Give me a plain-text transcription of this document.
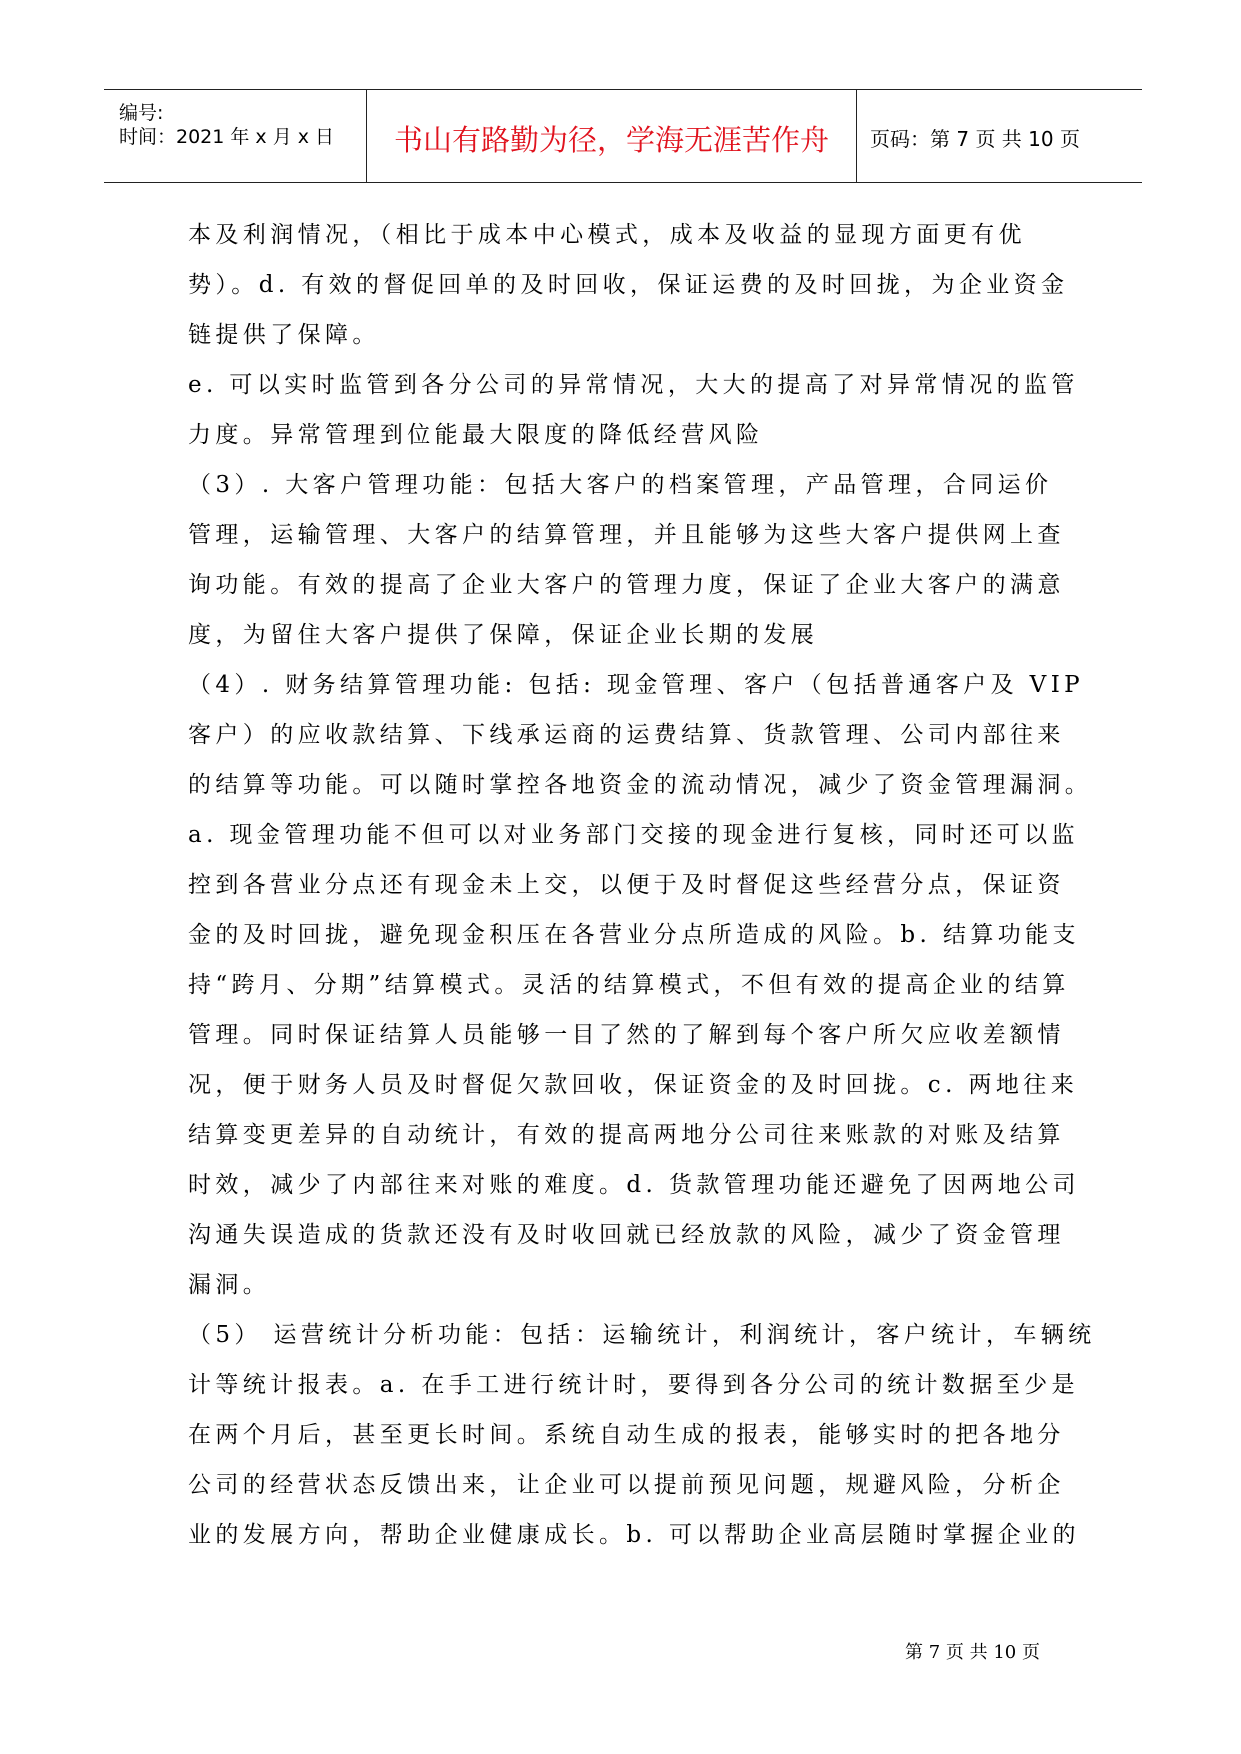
编号:
时间：2021 年 x 月 x 日	书山有路勤为径，学海无涯苦作舟	页码：第 7 页 共 10 页
本及利润情况，（相比于成本中心模式，成本及收益的显现方面更有优
势）。d. 有效的督促回单的及时回收，保证运费的及时回拢，为企业资金
链提供了保障。
e. 可以实时监管到各分公司的异常情况，大大的提高了对异常情况的监管
力度。异常管理到位能最大限度的降低经营风险
（3）. 大客户管理功能：包括大客户的档案管理，产品管理，合同运价
管理，运输管理、大客户的结算管理，并且能够为这些大客户提供网上查
询功能。有效的提高了企业大客户的管理力度，保证了企业大客户的满意
度，为留住大客户提供了保障，保证企业长期的发展
（4）. 财务结算管理功能: 包括: 现金管理、客户（包括普通客户及 VIP
客户）的应收款结算、下线承运商的运费结算、货款管理、公司内部往来
的结算等功能。可以随时掌控各地资金的流动情况，减少了资金管理漏洞。
a. 现金管理功能不但可以对业务部门交接的现金进行复核，同时还可以监
控到各营业分点还有现金未上交，以便于及时督促这些经营分点，保证资
金的及时回拢，避免现金积压在各营业分点所造成的风险。b. 结算功能支
持“跨月、分期”结算模式。灵活的结算模式，不但有效的提高企业的结算
管理。同时保证结算人员能够一目了然的了解到每个客户所欠应收差额情
况，便于财务人员及时督促欠款回收，保证资金的及时回拢。c. 两地往来
结算变更差异的自动统计，有效的提高两地分公司往来账款的对账及结算
时效，减少了内部往来对账的难度。d. 货款管理功能还避免了因两地公司
沟通失误造成的货款还没有及时收回就已经放款的风险，减少了资金管理
漏洞。
（5） 运营统计分析功能：包括：运输统计，利润统计，客户统计，车辆统
计等统计报表。a. 在手工进行统计时，要得到各分公司的统计数据至少是
在两个月后，甚至更长时间。系统自动生成的报表，能够实时的把各地分
公司的经营状态反馈出来，让企业可以提前预见问题，规避风险，分析企
业的发展方向，帮助企业健康成长。b. 可以帮助企业高层随时掌握企业的
第 7 页 共 10 页
